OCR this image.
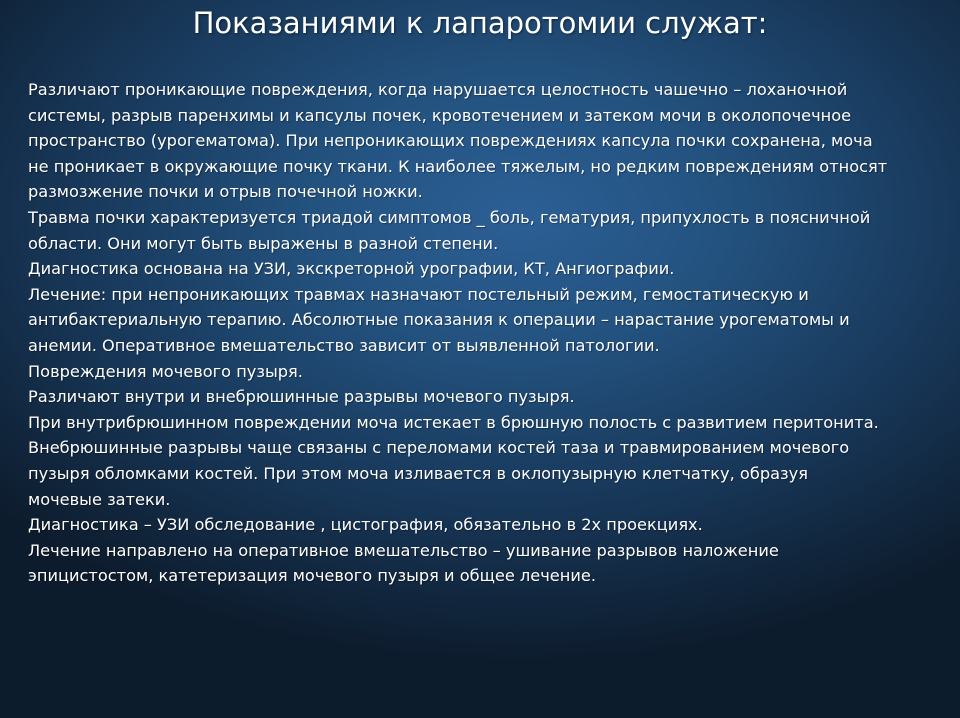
Показаниями к лапаротомии служат:
Различают проникающие повреждения, когда нарушается целостность чашечно – лоханочной
системы, разрыв паренхимы и капсулы почек, кровотечением и затеком мочи в околопочечное
пространство (урогематома). При непроникающих повреждениях капсула почки сохранена, моча
не проникает в окружающие почку ткани. К наиболее тяжелым, но редким повреждениям относят
размозжение почки и отрыв почечной ножки.
Травма почки характеризуется триадой симптомов _ боль, гематурия, припухлость в поясничной
области. Они могут быть выражены в разной степени.
Диагностика основана на УЗИ, экскреторной урографии, КТ, Ангиографии.
Лечение: при непроникающих травмах назначают постельный режим, гемостатическую и
антибактериальную терапию. Абсолютные показания к операции – нарастание урогематомы и
анемии. Оперативное вмешательство зависит от выявленной патологии.
Повреждения мочевого пузыря.
Различают внутри и внебрюшинные разрывы мочевого пузыря.
При внутрибрюшинном повреждении моча истекает в брюшную полость с развитием перитонита.
Внебрюшинные разрывы чаще связаны с переломами костей таза и травмированием мочевого
пузыря обломками костей. При этом моча изливается в оклопузырную клетчатку, образуя
мочевые затеки.
Диагностика – УЗИ обследование , цистография, обязательно в 2х проекциях.
Лечение направлено на оперативное вмешательство – ушивание разрывов наложение
эпицистостом, катетеризация мочевого пузыря и общее лечение.
